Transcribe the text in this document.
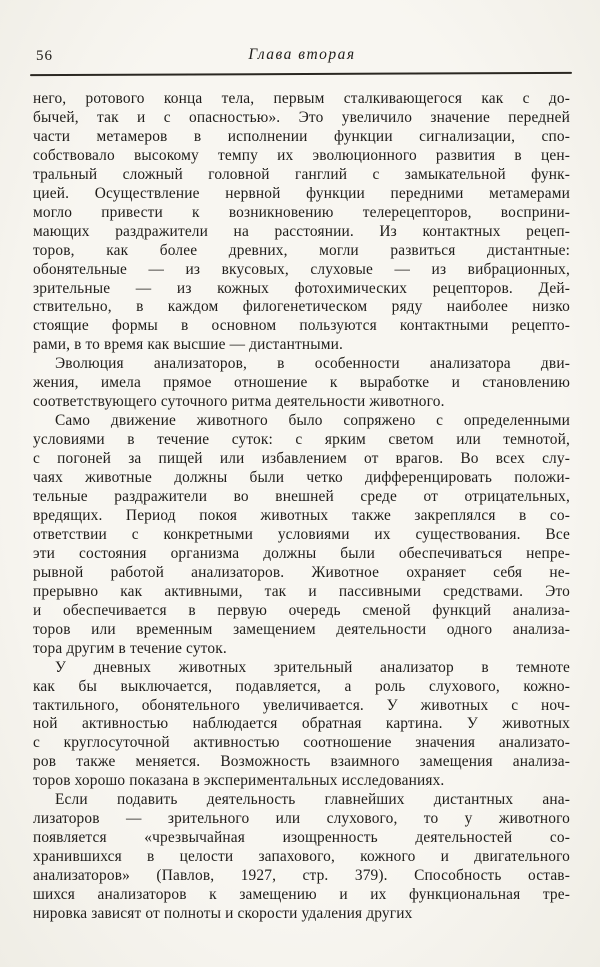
56	Глава вторая
него, ротового конца тела, первым сталкивающегося как с до-
бычей, так и с опасностью». Это увеличило значение передней
части метамеров в исполнении функции сигнализации, спо-
собствовало высокому темпу их эволюционного развития в цен-
тральный сложный головной ганглий с замыкательной функ-
цией. Осуществление нервной функции передними метамерами
могло привести к возникновению телерецепторов, восприни-
мающих раздражители на расстоянии. Из контактных рецеп-
торов, как более древних, могли развиться дистантные:
обонятельные — из вкусовых, слуховые — из вибрационных,
зрительные — из кожных фотохимических рецепторов. Дей-
ствительно, в каждом филогенетическом ряду наиболее низко
стоящие формы в основном пользуются контактными рецепто-
рами, в то время как высшие — дистантными.
Эволюция анализаторов, в особенности анализатора дви-
жения, имела прямое отношение к выработке и становлению
соответствующего суточного ритма деятельности животного.
Само движение животного было сопряжено с определенными
условиями в течение суток: с ярким светом или темнотой,
с погоней за пищей или избавлением от врагов. Во всех слу-
чаях животные должны были четко дифференцировать положи-
тельные раздражители во внешней среде от отрицательных,
вредящих. Период покоя животных также закреплялся в со-
ответствии с конкретными условиями их существования. Все
эти состояния организма должны были обеспечиваться непре-
рывной работой анализаторов. Животное охраняет себя не-
прерывно как активными, так и пассивными средствами. Это
и обеспечивается в первую очередь сменой функций анализа-
торов или временным замещением деятельности одного анализа-
тора другим в течение суток.
У дневных животных зрительный анализатор в темноте
как бы выключается, подавляется, а роль слухового, кожно-
тактильного, обонятельного увеличивается. У животных с ноч-
ной активностью наблюдается обратная картина. У животных
с круглосуточной активностью соотношение значения анализато-
ров также меняется. Возможность взаимного замещения анализа-
торов хорошо показана в экспериментальных исследованиях.
Если подавить деятельность главнейших дистантных ана-
лизаторов — зрительного или слухового, то у животного
появляется «чрезвычайная изощренность деятельностей со-
хранившихся в целости запахового, кожного и двигательного
анализаторов» (Павлов, 1927, стр. 379). Способность остав-
шихся анализаторов к замещению и их функциональная тре-
нировка зависят от полноты и скорости удаления других
